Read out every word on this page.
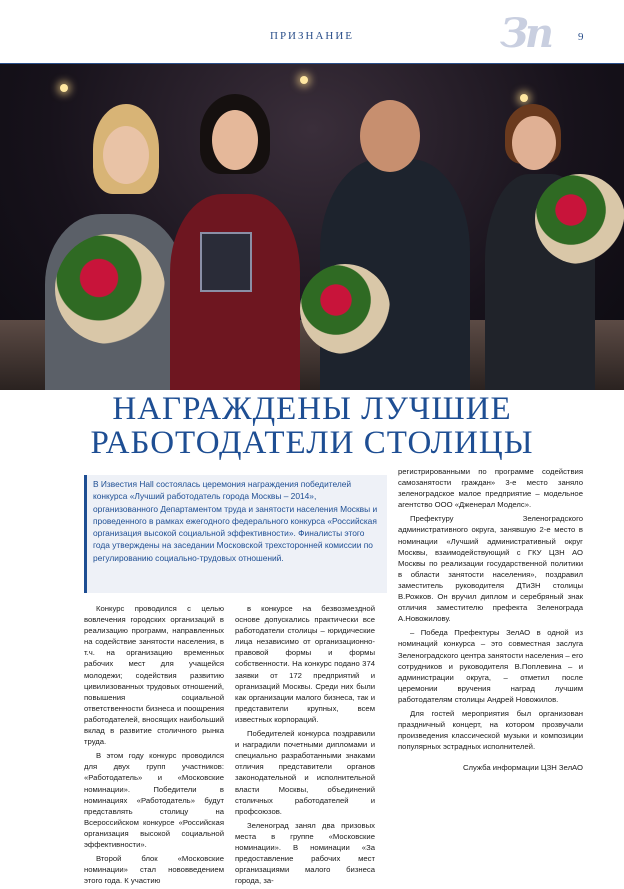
ПРИЗНАНИЕ	Зп	9
НАГРАЖДЕНЫ ЛУЧШИЕ
РАБОТОДАТЕЛИ СТОЛИЦЫ

В Известия Hall состоялась церемония награждения победителей конкурса «Лучший работодатель города Москвы – 2014», организованного Департаментом труда и занятости населения Москвы и проведенного в рамках ежегодного федерального конкурса «Российская организация высокой социальной эффективности». Финалисты этого года утверждены на заседании Московской трехсторонней комиссии по регулированию социально-трудовых отношений.

Конкурс проводился с целью вовлечения городских организаций в реализацию программ, направленных на содействие занятости населения, в т.ч. на организацию временных рабочих мест для учащейся молодежи; содействия развитию цивилизованных трудовых отношений, повышения социальной ответственности бизнеса и поощрения работодателей, вносящих наибольший вклад в развитие столичного рынка труда.

В этом году конкурс проводился для двух групп участников: «Работодатель» и «Московские номинации». Победители в номинациях «Работодатель» будут представлять столицу на Всероссийском конкурсе «Российская организация высокой социальной эффективности».

Второй блок «Московские номинации» стал нововведением этого года. К участию

в конкурсе на безвозмездной основе допускались практически все работодатели столицы – юридические лица независимо от организационно-правовой формы и формы собственности. На конкурс подано 374 заявки от 172 предприятий и организаций Москвы. Среди них были как организации малого бизнеса, так и представители крупных, всем известных корпораций.

Победителей конкурса поздравили и наградили почетными дипломами и специально разработанными знаками отличия представители органов законодательной и исполнительной власти Москвы, объединений столичных работодателей и профсоюзов.

Зеленоград занял два призовых места в группе «Московские номинации». В номинации «За предоставление рабочих мест организациями малого бизнеса города, за-

регистрированными по программе содействия самозанятости граждан» 3-е место заняло зеленоградское малое предприятие – модельное агентство ООО «Дженерал Моделс».

Префектуру Зеленоградского административного округа, занявшую 2-е место в номинации «Лучший административный округ Москвы, взаимодействующий с ГКУ ЦЗН АО Москвы по реализации государственной политики в области занятости населения», поздравил заместитель руководителя ДТиЗН столицы В.Рожков. Он вручил диплом и серебряный знак отличия заместителю префекта Зеленограда А.Новожилову.

– Победа Префектуры ЗелАО в одной из номинаций конкурса – это совместная заслуга Зеленоградского центра занятости населения – его сотрудников и руководителя В.Поплевина – и администрации округа, – отметил после церемонии вручения наград лучшим работодателям столицы Андрей Новожилов.

Для гостей мероприятия был организован праздничный концерт, на котором прозвучали произведения классической музыки и композиции популярных эстрадных исполнителей.

Служба информации ЦЗН ЗелАО
